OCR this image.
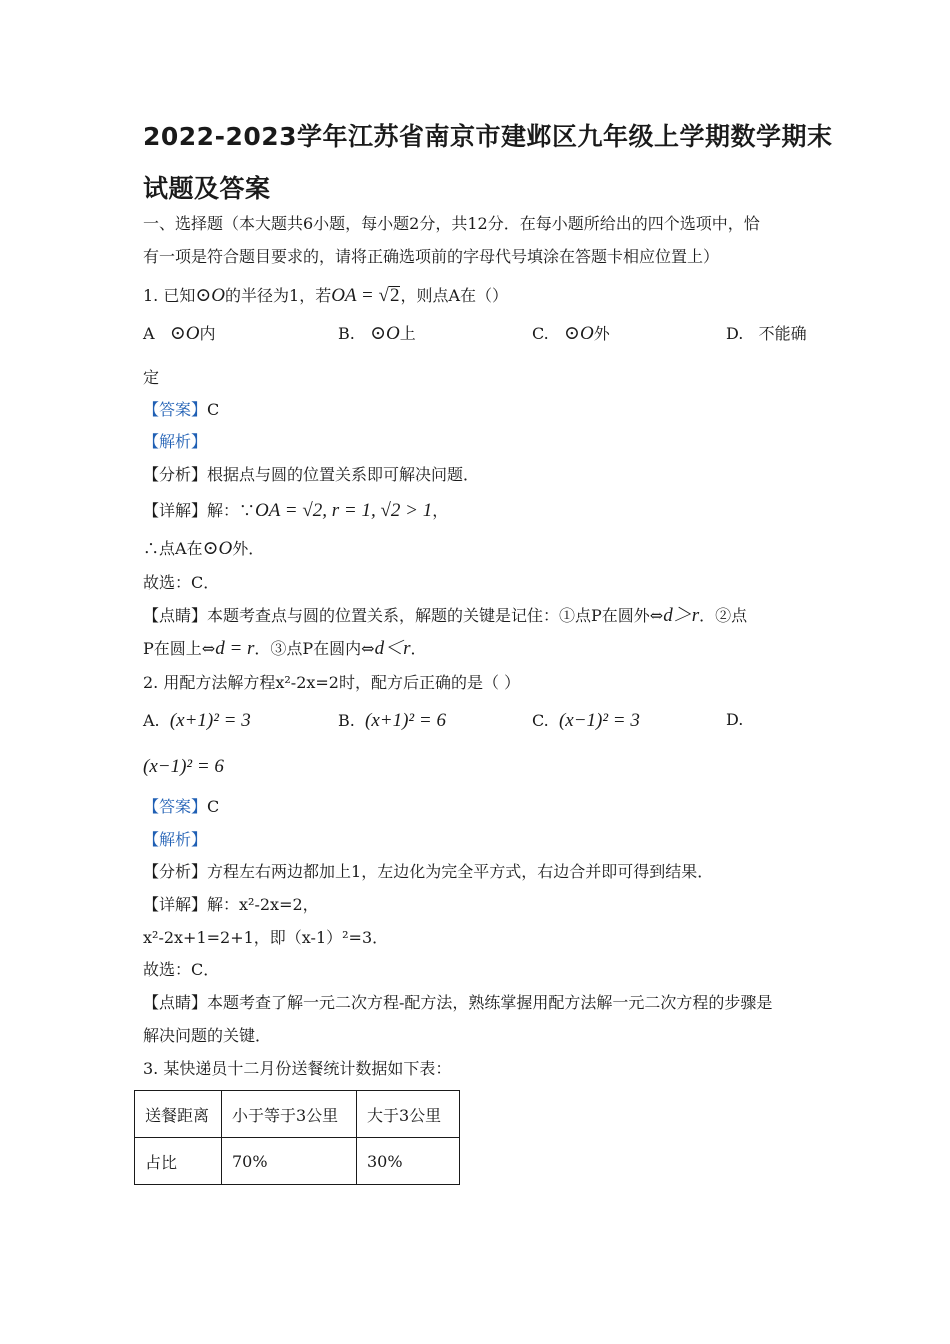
2022-2023学年江苏省南京市建邺区九年级上学期数学期末
试题及答案
一、选择题（本大题共6小题，每小题2分，共12分．在每小题所给出的四个选项中，恰
有一项是符合题目要求的，请将正确选项前的字母代号填涂在答题卡相应位置上）
1. 已知⊙O的半径为1，若OA = √2，则点A在（）
A ⊙O内	B. ⊙O上	C. ⊙O外	D. 不能确
定
【答案】C
【解析】
【分析】根据点与圆的位置关系即可解决问题．
【详解】解：∵OA = √2, r = 1, √2 > 1，
∴点A在⊙O外．
故选：C．
【点睛】本题考查点与圆的位置关系，解题的关键是记住：①点P在圆外⇔d＞r．②点
P在圆上⇔d = r．③点P在圆内⇔d＜r．
2. 用配方法解方程x²-2x=2时，配方后正确的是（ ）
A. (x+1)² = 3	B. (x+1)² = 6	C. (x−1)² = 3	D.
(x−1)² = 6
【答案】C
【解析】
【分析】方程左右两边都加上1，左边化为完全平方式，右边合并即可得到结果．
【详解】解：x²-2x=2，
x²-2x+1=2+1，即（x-1）²=3．
故选：C．
【点睛】本题考查了解一元二次方程-配方法，熟练掌握用配方法解一元二次方程的步骤是
解决问题的关键．
3. 某快递员十二月份送餐统计数据如下表：
送餐距离	小于等于3公里	大于3公里
占比	70%	30%
